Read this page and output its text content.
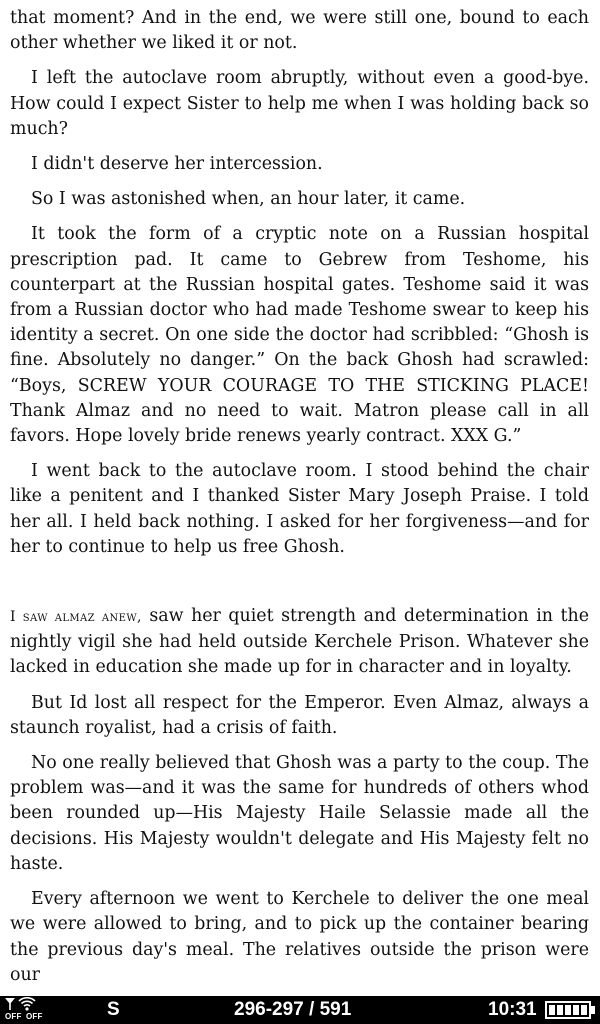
that moment? And in the end, we were still one, bound to each other whether we liked it or not.

I left the autoclave room abruptly, without even a good-bye. How could I expect Sister to help me when I was holding back so much?

I didn't deserve her intercession.

So I was astonished when, an hour later, it came.

It took the form of a cryptic note on a Russian hospital prescription pad. It came to Gebrew from Teshome, his counterpart at the Russian hospital gates. Teshome said it was from a Russian doctor who had made Teshome swear to keep his identity a secret. On one side the doctor had scribbled: “Ghosh is fine. Absolutely no danger.” On the back Ghosh had scrawled: “Boys, SCREW YOUR COURAGE TO THE STICKING PLACE! Thank Almaz and no need to wait. Matron please call in all favors. Hope lovely bride renews yearly contract. XXX G.”

I went back to the autoclave room. I stood behind the chair like a penitent and I thanked Sister Mary Joseph Praise. I told her all. I held back nothing. I asked for her forgiveness—and for her to continue to help us free Ghosh.

I saw almaz anew, saw her quiet strength and determination in the nightly vigil she had held outside Kerchele Prison. Whatever she lacked in education she made up for in character and in loyalty.

But Id lost all respect for the Emperor. Even Almaz, always a staunch royalist, had a crisis of faith.

No one really believed that Ghosh was a party to the coup. The problem was—and it was the same for hundreds of others whod been rounded up—His Majesty Haile Selassie made all the decisions. His Majesty wouldn't delegate and His Majesty felt no haste.

Every afternoon we went to Kerchele to deliver the one meal we were allowed to bring, and to pick up the container bearing the previous day's meal. The relatives outside the prison were our

OFF OFF	S	296-297 / 591	10:31
